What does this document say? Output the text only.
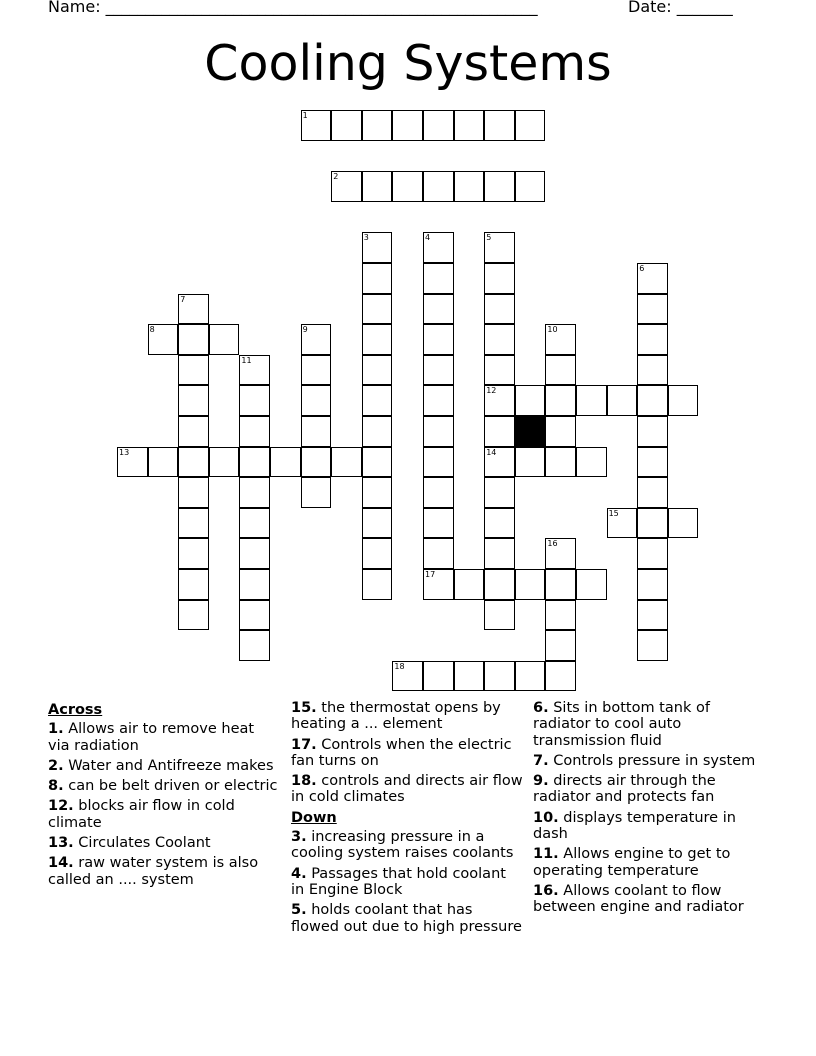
Name: ______________________________________________________	Date: _______
Cooling Systems
1
2
3	4
17
5
12
14
6
7
8	9	10
11
13
15
16
18
Across
1. Allows air to remove heat via radiation
2. Water and Antifreeze makes
8. can be belt driven or electric
12. blocks air flow in cold climate
13. Circulates Coolant
14. raw water system is also called an .... system
15. the thermostat opens by heating a ... element
17. Controls when the electric fan turns on
18. controls and directs air flow in cold climates
Down
3. increasing pressure in a cooling system raises coolants
4. Passages that hold coolant in Engine Block
5. holds coolant that has flowed out due to high pressure
6. Sits in bottom tank of radiator to cool auto transmission fluid
7. Controls pressure in system
9. directs air through the radiator and protects fan
10. displays temperature in dash
11. Allows engine to get to operating temperature
16. Allows coolant to flow between engine and radiator
